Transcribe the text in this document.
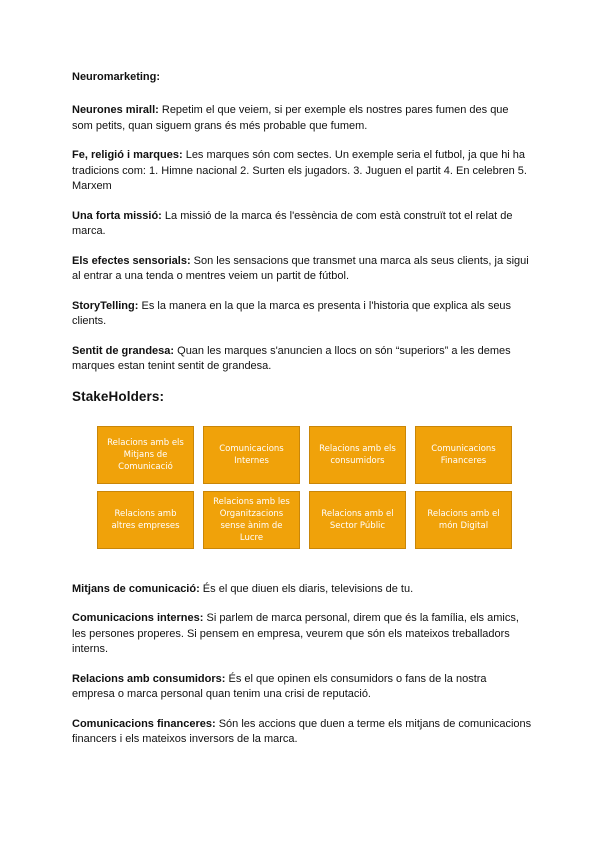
Neuromarketing:

Neurones mirall: Repetim el que veiem, si per exemple els nostres pares fumen des que som petits, quan siguem grans és més probable que fumem.

Fe, religió i marques: Les marques són com sectes. Un exemple seria el futbol, ja que hi ha tradicions com: 1. Himne nacional 2. Surten els jugadors. 3. Juguen el partit 4. En celebren 5. Marxem

Una forta missió: La missió de la marca és l'essència de com està construït tot el relat de marca.

Els efectes sensorials: Son les sensacions que transmet una marca als seus clients, ja sigui al entrar a una tenda o mentres veiem un partit de fútbol.

StoryTelling: Es la manera en la que la marca es presenta i l'historia que explica als seus clients.

Sentit de grandesa: Quan les marques s'anuncien a llocs on són “superiors” a les demes marques estan tenint sentit de grandesa.

StakeHolders:
Relacions amb els Mitjans de Comunicació
Comunicacions Internes
Relacions amb els consumidors
Comunicacions Financeres
Relacions amb altres empreses
Relacions amb les Organitzacions sense ànim de Lucre
Relacions amb el Sector Públic
Relacions amb el món Digital

Mitjans de comunicació: És el que diuen els diaris, televisions de tu.

Comunicacions internes: Si parlem de marca personal, direm que és la família, els amics, les persones properes. Si pensem en empresa, veurem que són els mateixos treballadors interns.

Relacions amb consumidors: És el que opinen els consumidors o fans de la nostra empresa o marca personal quan tenim una crisi de reputació.

Comunicacions financeres: Són les accions que duen a terme els mitjans de comunicacions financers i els mateixos inversors de la marca.
